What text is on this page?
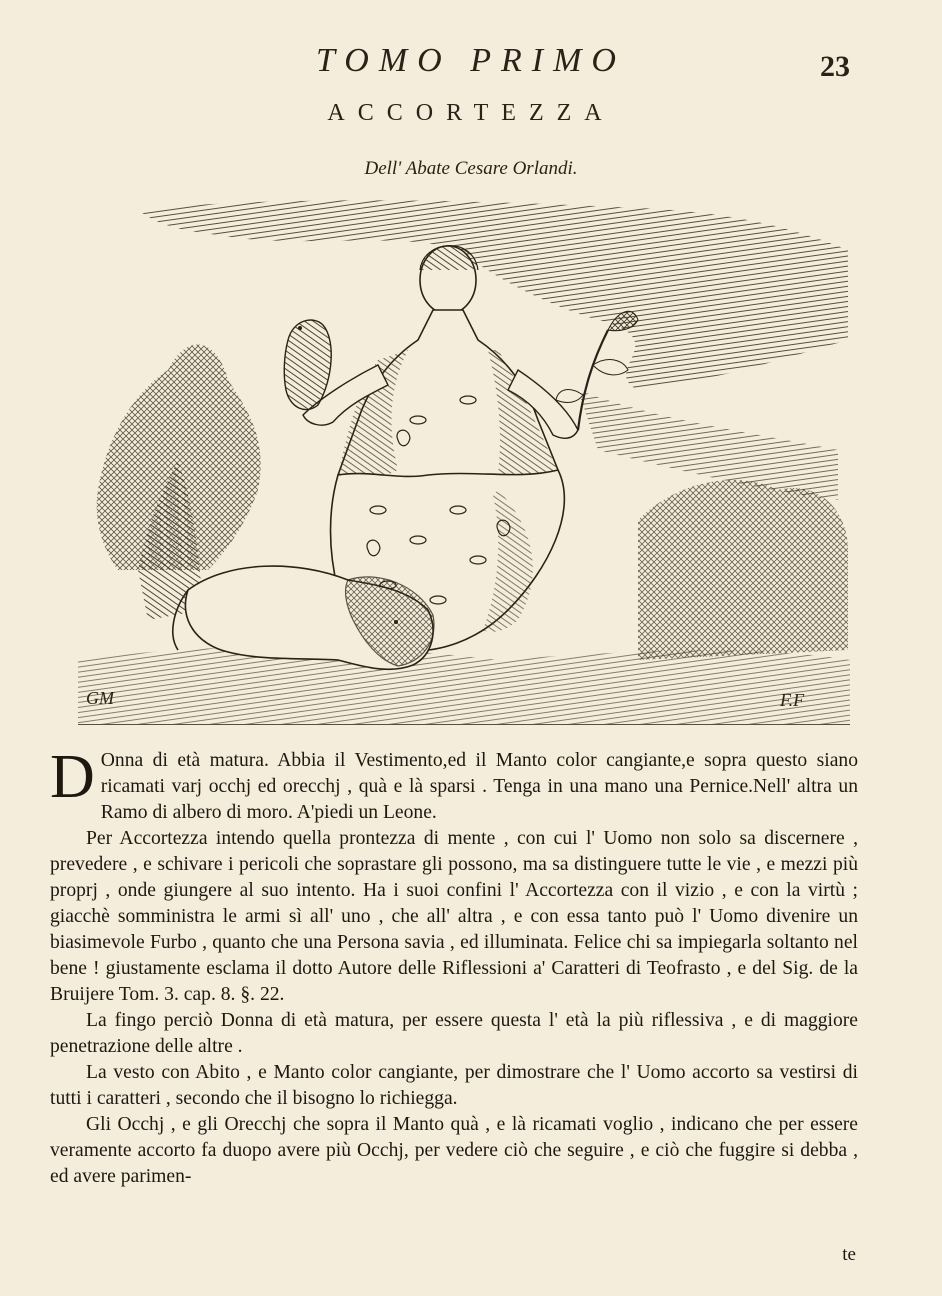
TOMO PRIMO	23
ACCORTEZZA
Dell' Abate Cesare Orlandi.
GM	F.F

D Onna di età matura. Abbia il Vestimento,ed il Manto color cangiante,e sopra questo siano ricamati varj occhj ed orecchj , quà e là sparsi . Tenga in una mano una Pernice.Nell' altra un Ramo di albero di moro. A'piedi un Leone.

Per Accortezza intendo quella prontezza di mente , con cui l' Uomo non solo sa discernere , prevedere , e schivare i pericoli che soprastare gli possono, ma sa distinguere tutte le vie , e mezzi più proprj , onde giungere al suo intento. Ha i suoi confini l' Accortezza con il vizio , e con la virtù ; giacchè somministra le armi sì all' uno , che all' altra , e con essa tanto può l' Uomo divenire un biasimevole Furbo , quanto che una Persona savia , ed illuminata. Felice chi sa impiegarla soltanto nel bene ! giustamente esclama il dotto Autore delle Riflessioni a' Caratteri di Teofrasto , e del Sig. de la Bruijere Tom. 3. cap. 8. §. 22.

La fingo perciò Donna di età matura, per essere questa l' età la più riflessiva , e di maggiore penetrazione delle altre .

La vesto con Abito , e Manto color cangiante, per dimostrare che l' Uomo accorto sa vestirsi di tutti i caratteri , secondo che il bisogno lo richiegga.

Gli Occhj , e gli Orecchj che sopra il Manto quà , e là ricamati voglio , indicano che per essere veramente accorto fa duopo avere più Occhj, per vedere ciò che seguire , e ciò che fuggire si debba , ed avere parimen-

te
